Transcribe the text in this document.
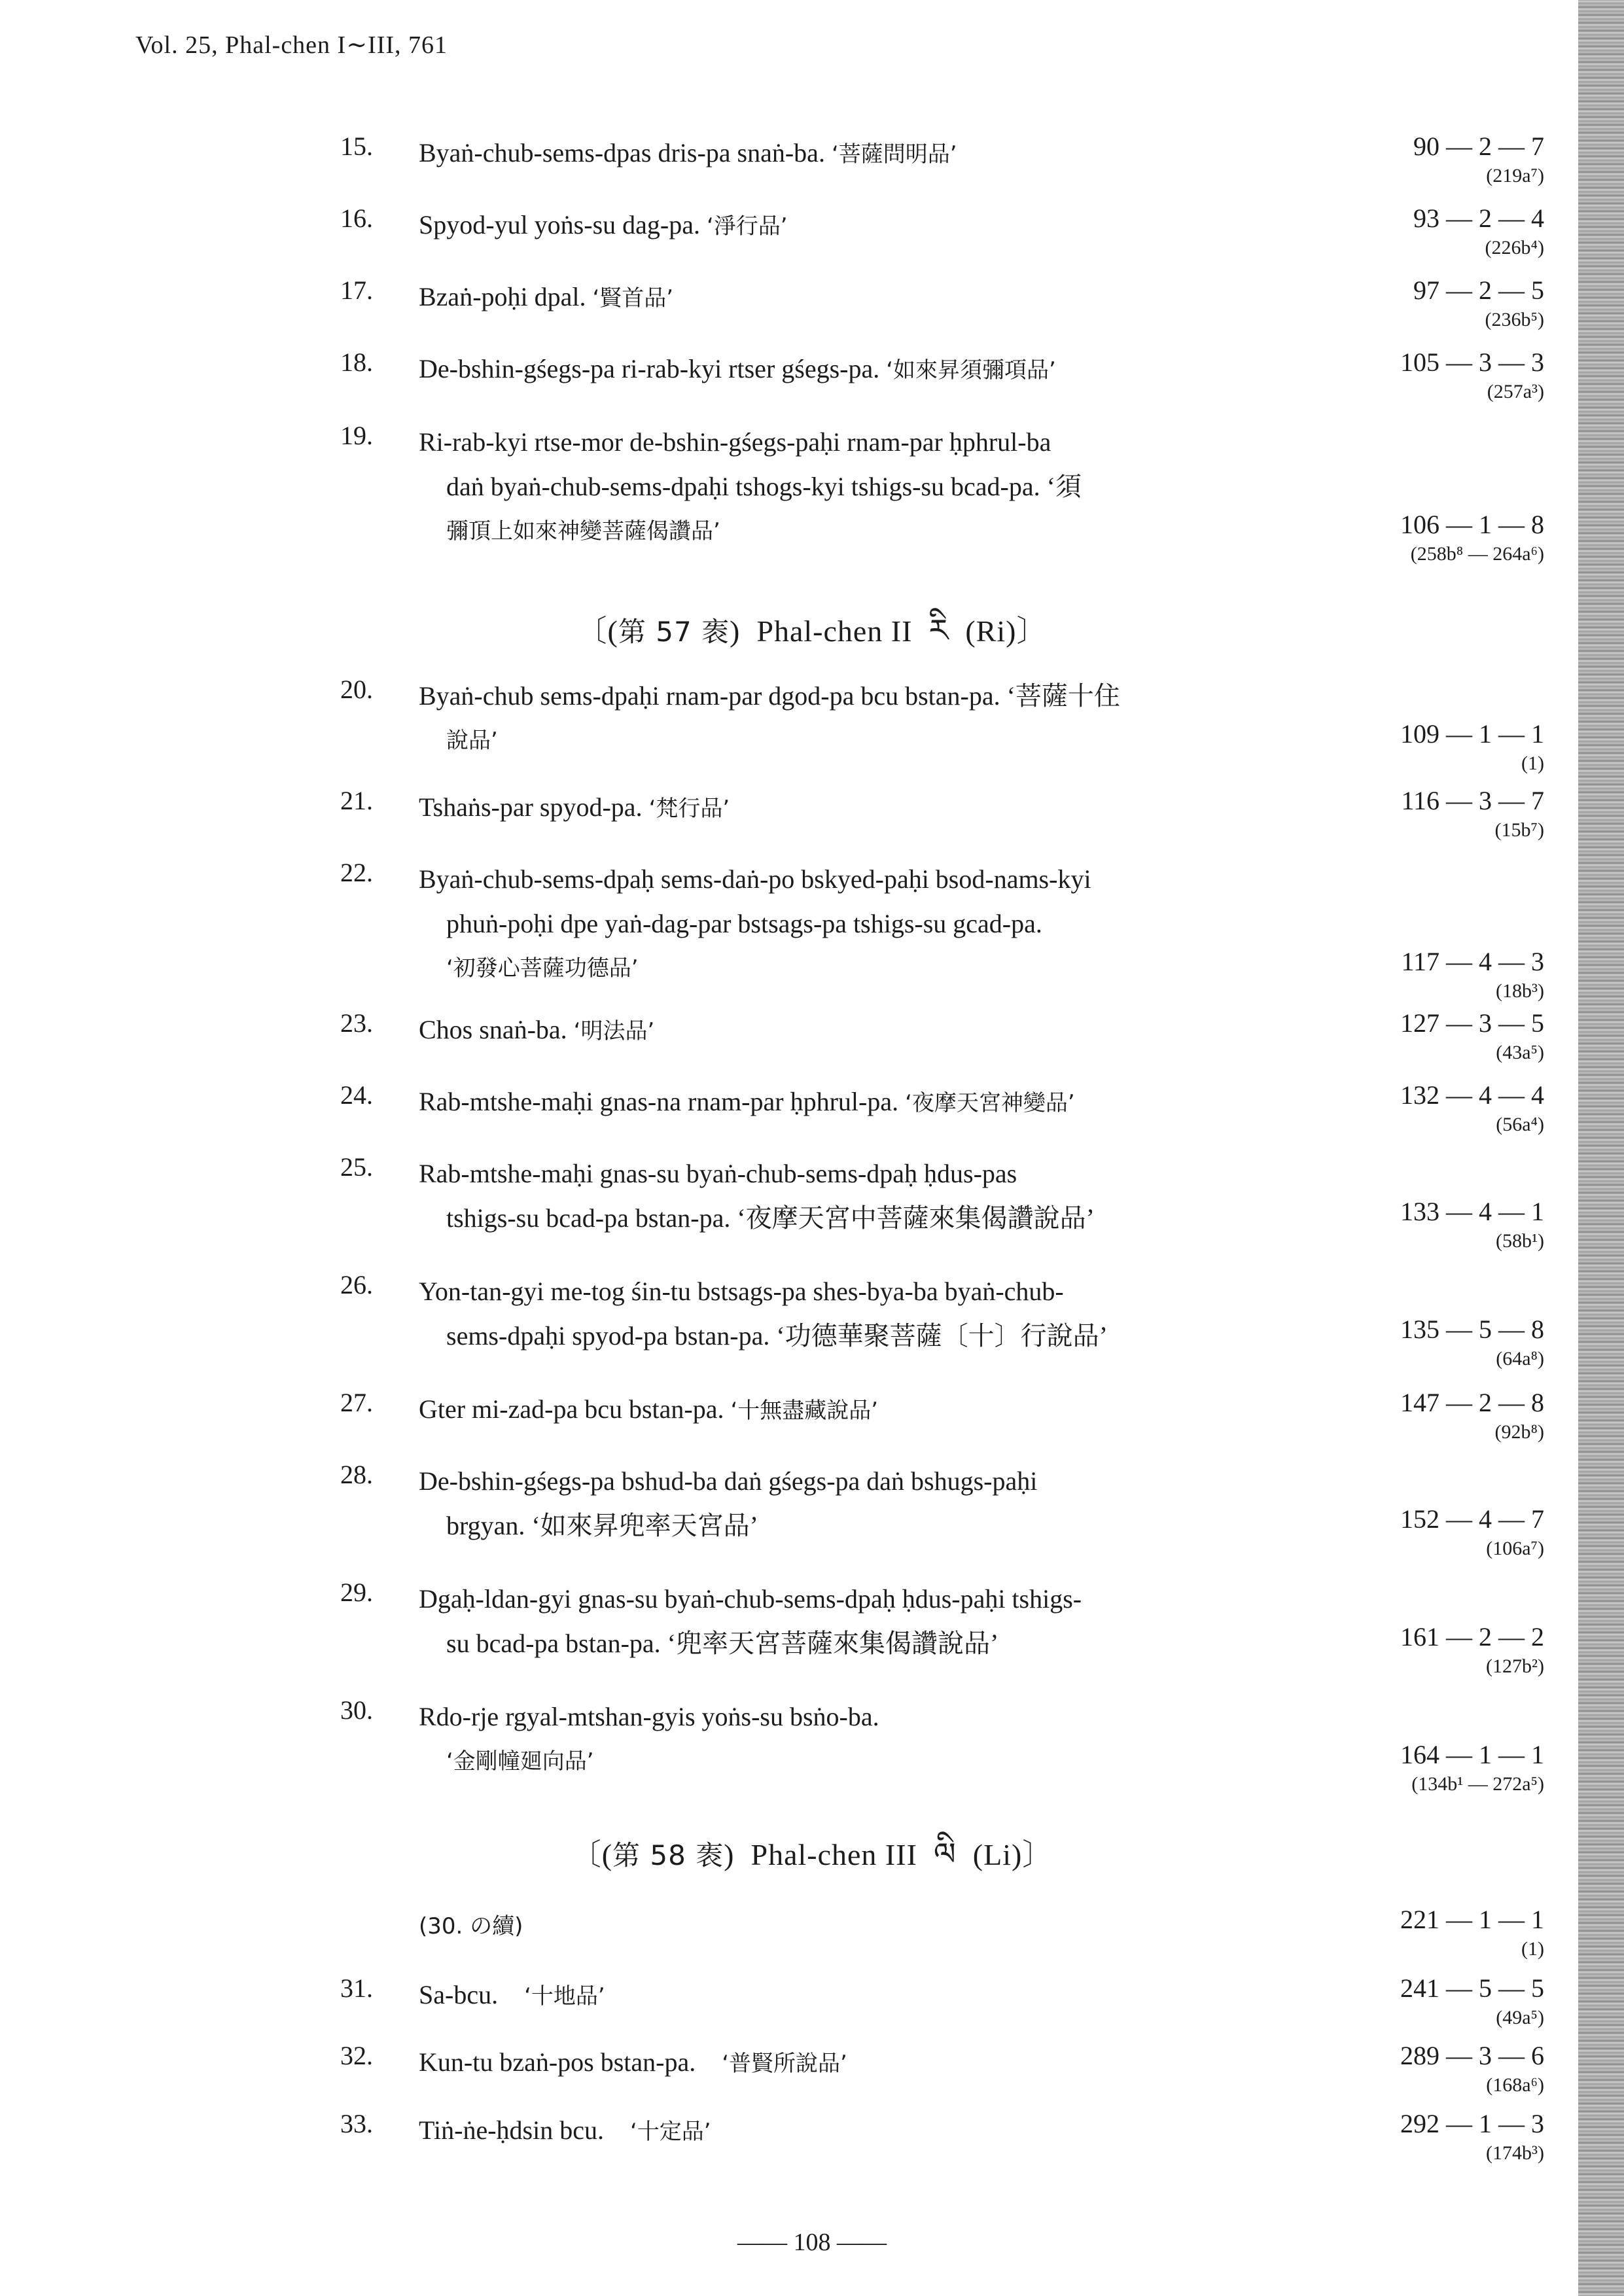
Vol. 25, Phal-chen I∼III, 761
15.	Byaṅ-chub-sems-dpas dris-pa snaṅ-ba. ‘菩薩問明品’	90 — 2 — 7
(219a⁷)
16.	Spyod-yul yoṅs-su dag-pa. ‘淨行品’	93 — 2 — 4
(226b⁴)
17.	Bzaṅ-poḥi dpal. ‘賢首品’	97 — 2 — 5
(236b⁵)
18.	De-bshin-gśegs-pa ri-rab-kyi rtser gśegs-pa. ‘如來昇須彌項品’	105 — 3 — 3
(257a³)
19.	Ri-rab-kyi rtse-mor de-bshin-gśegs-paḥi rnam-par ḥphrul-ba
daṅ byaṅ-chub-sems-dpaḥi tshogs-kyi tshigs-su bcad-pa. ‘須
彌頂上如來神變菩薩偈讚品’	106 — 1 — 8
(258b⁸ — 264a⁶)
〔(第 57 袠) Phal-chen II རི (Ri)〕
20.	Byaṅ-chub sems-dpaḥi rnam-par dgod-pa bcu bstan-pa. ‘菩薩十住
說品’	109 — 1 — 1
(1)
21.	Tshaṅs-par spyod-pa. ‘梵行品’	116 — 3 — 7
(15b⁷)
22.	Byaṅ-chub-sems-dpaḥ sems-daṅ-po bskyed-paḥi bsod-nams-kyi
phuṅ-poḥi dpe yaṅ-dag-par bstsags-pa tshigs-su gcad-pa.
‘初發心菩薩功德品’	117 — 4 — 3
(18b³)
23.	Chos snaṅ-ba. ‘明法品’	127 — 3 — 5
(43a⁵)
24.	Rab-mtshe-maḥi gnas-na rnam-par ḥphrul-pa. ‘夜摩天宮神變品’	132 — 4 — 4
(56a⁴)
25.	Rab-mtshe-maḥi gnas-su byaṅ-chub-sems-dpaḥ ḥdus-pas
tshigs-su bcad-pa bstan-pa. ‘夜摩天宮中菩薩來集偈讚說品’	133 — 4 — 1
(58b¹)
26.	Yon-tan-gyi me-tog śin-tu bstsags-pa shes-bya-ba byaṅ-chub-
sems-dpaḥi spyod-pa bstan-pa. ‘功德華聚菩薩〔十〕行說品’	135 — 5 — 8
(64a⁸)
27.	Gter mi-zad-pa bcu bstan-pa. ‘十無盡藏說品’	147 — 2 — 8
(92b⁸)
28.	De-bshin-gśegs-pa bshud-ba daṅ gśegs-pa daṅ bshugs-paḥi
brgyan. ‘如來昇兜率天宮品’	152 — 4 — 7
(106a⁷)
29.	Dgaḥ-ldan-gyi gnas-su byaṅ-chub-sems-dpaḥ ḥdus-paḥi tshigs-
su bcad-pa bstan-pa. ‘兜率天宮菩薩來集偈讚說品’	161 — 2 — 2
(127b²)
30.	Rdo-rje rgyal-mtshan-gyis yoṅs-su bsṅo-ba.
‘金剛幢廻向品’	164 — 1 — 1
(134b¹ — 272a⁵)
〔(第 58 袠) Phal-chen III ལི (Li)〕
(30. の續)	221 — 1 — 1
(1)
31.	Sa-bcu.　‘十地品’	241 — 5 — 5
(49a⁵)
32.	Kun-tu bzaṅ-pos bstan-pa.　‘普賢所說品’	289 — 3 — 6
(168a⁶)
33.	Tiṅ-ṅe-ḥdsin bcu.　‘十定品’	292 — 1 — 3
(174b³)
—— 108 ——
